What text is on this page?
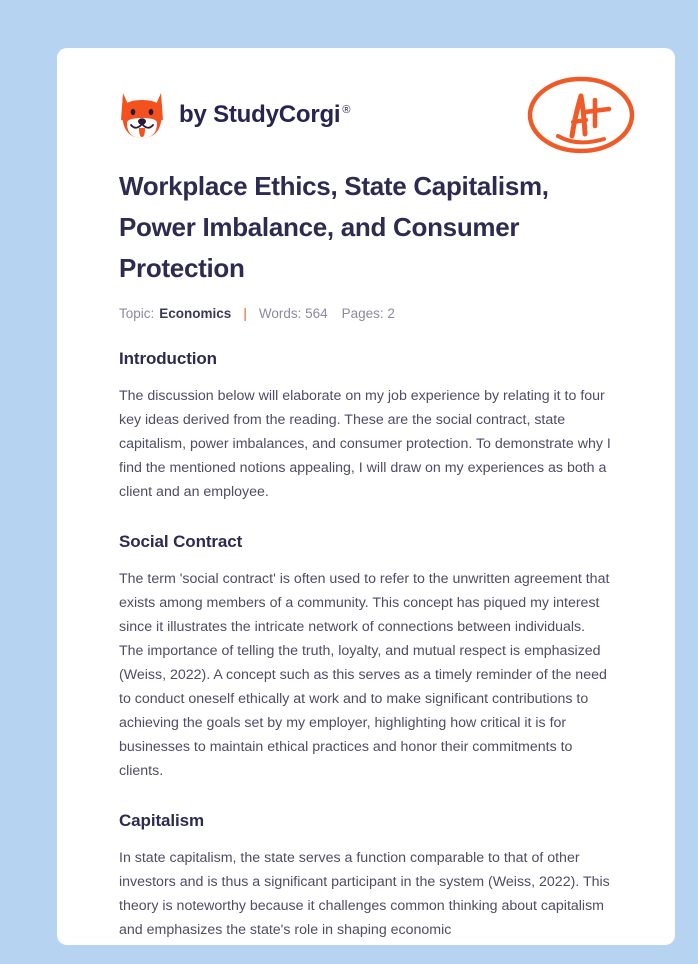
by StudyCorgi ®
Workplace Ethics, State Capitalism, Power Imbalance, and Consumer Protection
Topic: Economics | Words: 564 Pages: 2
Introduction

The discussion below will elaborate on my job experience by relating it to four key ideas derived from the reading. These are the social contract, state capitalism, power imbalances, and consumer protection. To demonstrate why I find the mentioned notions appealing, I will draw on my experiences as both a client and an employee.

Social Contract

The term 'social contract' is often used to refer to the unwritten agreement that exists among members of a community. This concept has piqued my interest since it illustrates the intricate network of connections between individuals. The importance of telling the truth, loyalty, and mutual respect is emphasized (Weiss, 2022). A concept such as this serves as a timely reminder of the need to conduct oneself ethically at work and to make significant contributions to achieving the goals set by my employer, highlighting how critical it is for businesses to maintain ethical practices and honor their commitments to clients.

Capitalism

In state capitalism, the state serves a function comparable to that of other investors and is thus a significant participant in the system (Weiss, 2022). This theory is noteworthy because it challenges common thinking about capitalism and emphasizes the state's role in shaping economic
